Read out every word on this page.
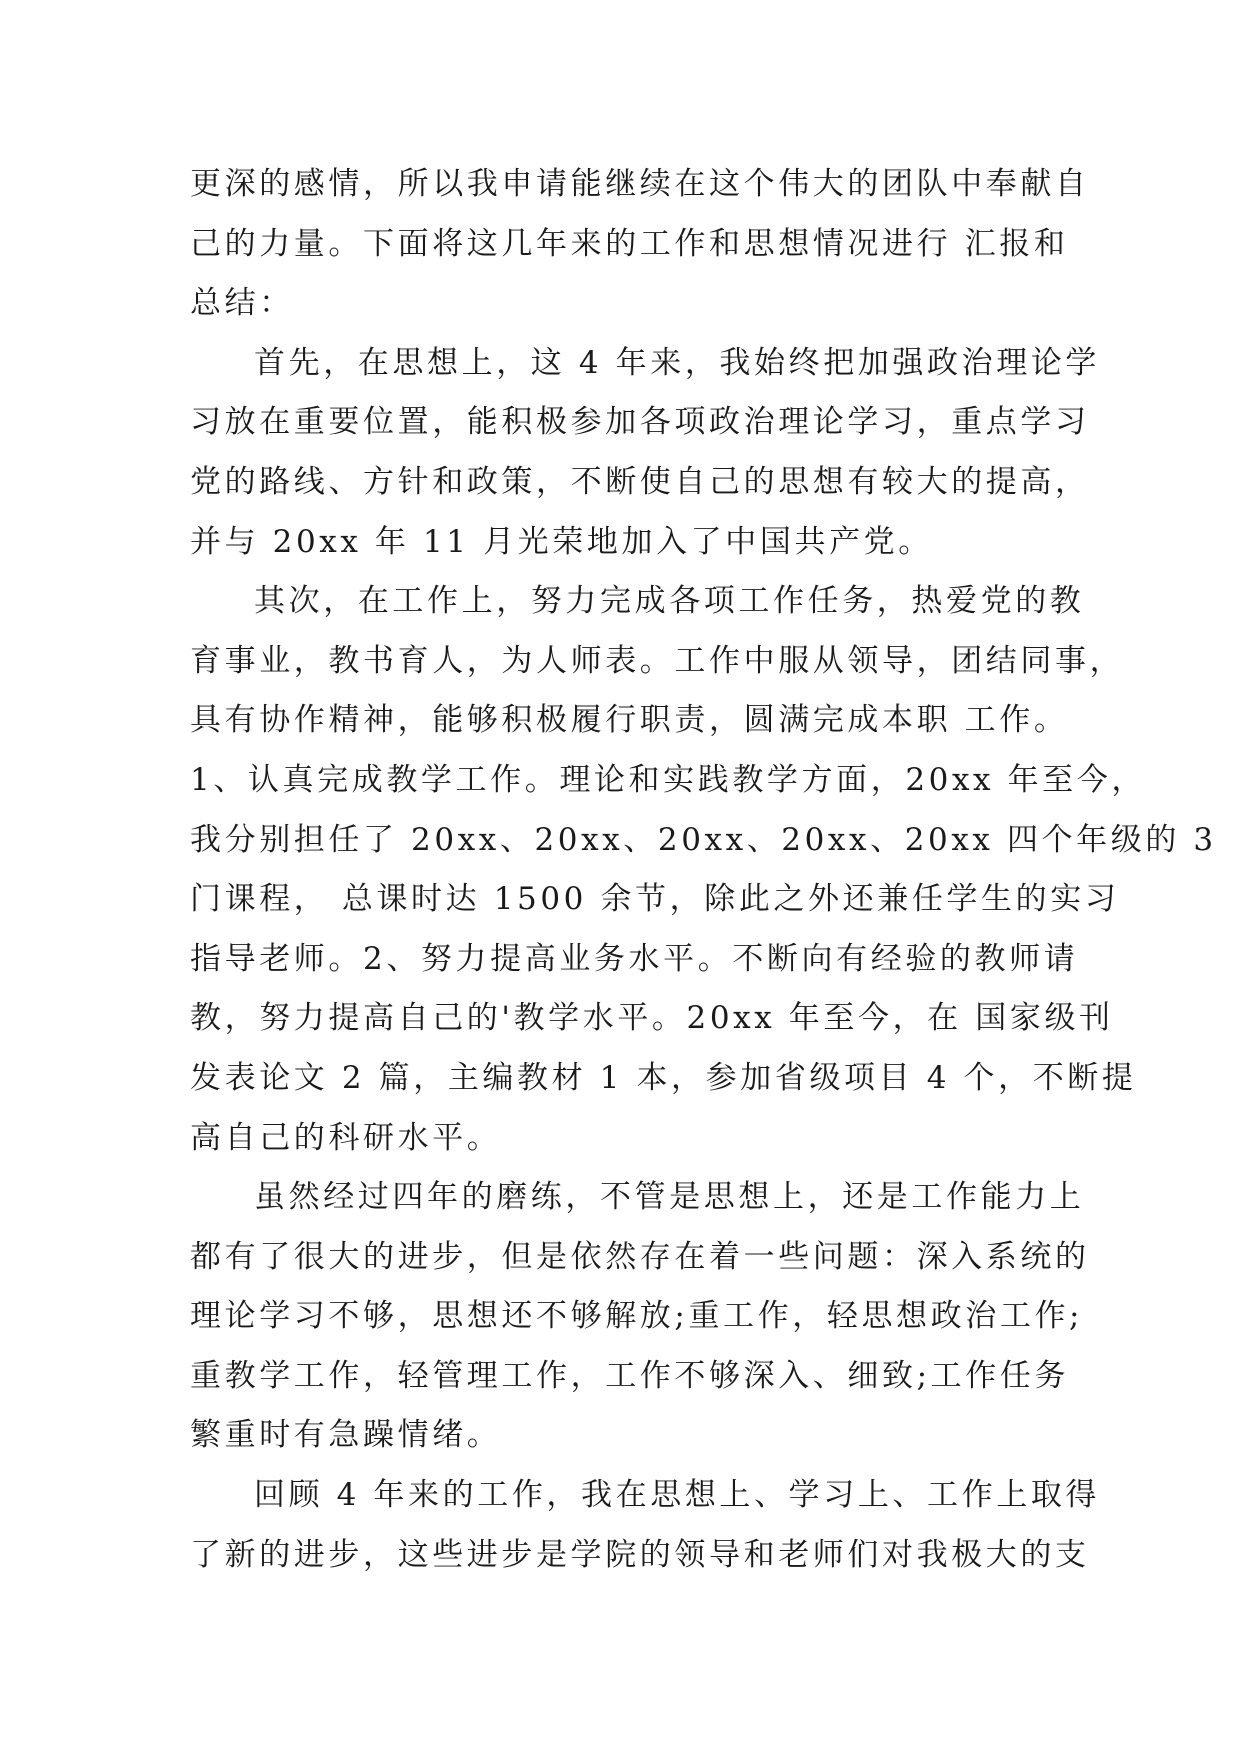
更深的感情，所以我申请能继续在这个伟大的团队中奉献自
己的力量。下面将这几年来的工作和思想情况进行 汇报和
总结：
首先，在思想上，这 4 年来，我始终把加强政治理论学
习放在重要位置，能积极参加各项政治理论学习，重点学习
党的路线、方针和政策，不断使自己的思想有较大的提高，
并与 20xx 年 11 月光荣地加入了中国共产党。
其次，在工作上，努力完成各项工作任务，热爱党的教
育事业，教书育人，为人师表。工作中服从领导，团结同事，
具有协作精神，能够积极履行职责，圆满完成本职 工作。
1、认真完成教学工作。理论和实践教学方面，20xx 年至今，
我分别担任了 20xx、20xx、20xx、20xx、20xx 四个年级的 3
门课程， 总课时达 1500 余节，除此之外还兼任学生的实习
指导老师。2、努力提高业务水平。不断向有经验的教师请
教，努力提高自己的'教学水平。20xx 年至今，在 国家级刊
发表论文 2 篇，主编教材 1 本，参加省级项目 4 个，不断提
高自己的科研水平。
虽然经过四年的磨练，不管是思想上，还是工作能力上
都有了很大的进步，但是依然存在着一些问题：深入系统的
理论学习不够，思想还不够解放;重工作，轻思想政治工作;
重教学工作，轻管理工作，工作不够深入、细致;工作任务
繁重时有急躁情绪。
回顾 4 年来的工作，我在思想上、学习上、工作上取得
了新的进步，这些进步是学院的领导和老师们对我极大的支
